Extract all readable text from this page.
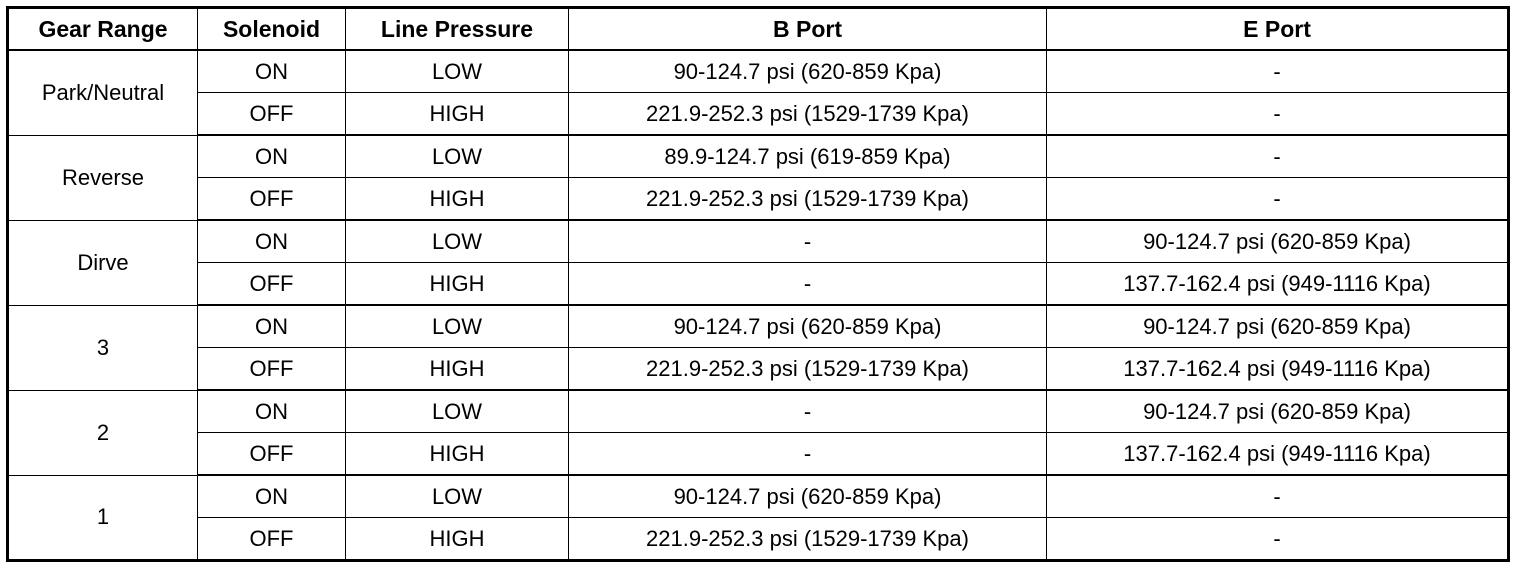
Gear Range	Solenoid	Line Pressure	B Port	E Port
Park/Neutral	ON	LOW	90-124.7 psi (620-859 Kpa)	-
	OFF	HIGH	221.9-252.3 psi (1529-1739 Kpa)	-
Reverse	ON	LOW	89.9-124.7 psi (619-859 Kpa)	-
	OFF	HIGH	221.9-252.3 psi (1529-1739 Kpa)	-
Dirve	ON	LOW	-	90-124.7 psi (620-859 Kpa)
	OFF	HIGH	-	137.7-162.4 psi (949-1116 Kpa)
3	ON	LOW	90-124.7 psi (620-859 Kpa)	90-124.7 psi (620-859 Kpa)
	OFF	HIGH	221.9-252.3 psi (1529-1739 Kpa)	137.7-162.4 psi (949-1116 Kpa)
2	ON	LOW	-	90-124.7 psi (620-859 Kpa)
	OFF	HIGH	-	137.7-162.4 psi (949-1116 Kpa)
1	ON	LOW	90-124.7 psi (620-859 Kpa)	-
	OFF	HIGH	221.9-252.3 psi (1529-1739 Kpa)	-
